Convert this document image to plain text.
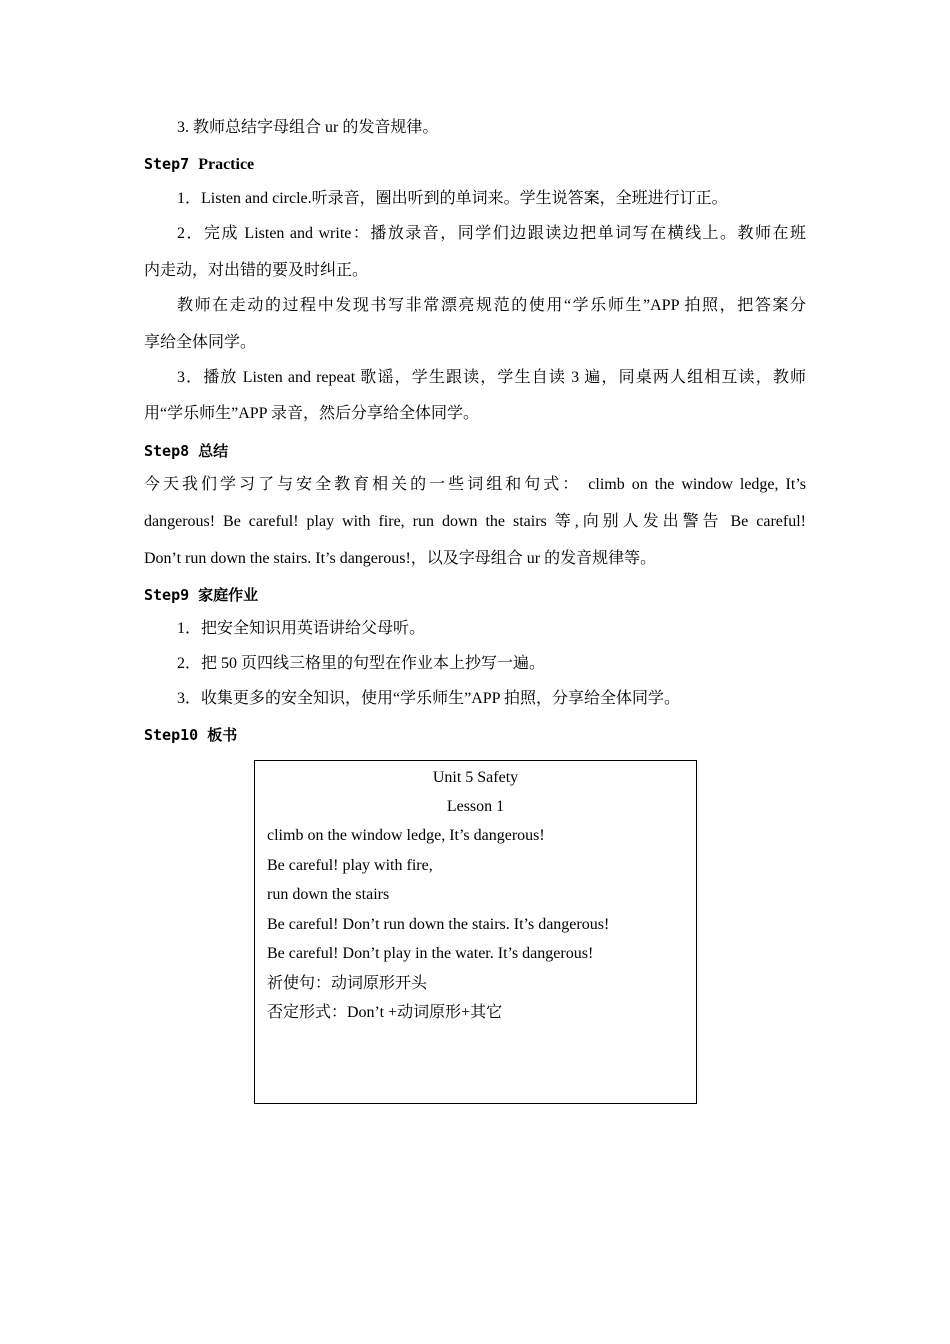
3. 教师总结字母组合 ur 的发音规律。
Step7 Practice
1．Listen and circle.听录音，圈出听到的单词来。学生说答案，全班进行订正。
2．完成 Listen and write：播放录音，同学们边跟读边把单词写在横线上。教师在班
内走动，对出错的要及时纠正。
教师在走动的过程中发现书写非常漂亮规范的使用“学乐师生”APP 拍照，把答案分
享给全体同学。
3．播放 Listen and repeat 歌谣，学生跟读，学生自读 3 遍，同桌两人组相互读，教师
用“学乐师生”APP 录音，然后分享给全体同学。
Step8 总结
今天我们学习了与安全教育相关的一些词组和句式： climb on the window ledge, It’s
dangerous! Be careful! play with fire, run down the stairs 等,向别人发出警告 Be careful!
Don’t run down the stairs. It’s dangerous!，以及字母组合 ur 的发音规律等。
Step9 家庭作业
1．把安全知识用英语讲给父母听。
2．把 50 页四线三格里的句型在作业本上抄写一遍。
3．收集更多的安全知识，使用“学乐师生”APP 拍照，分享给全体同学。
Step10 板书
Unit 5 Safety
Lesson 1
climb on the window ledge, It’s dangerous!
Be careful! play with fire,
run down the stairs
Be careful! Don’t run down the stairs. It’s dangerous!
Be careful! Don’t play in the water. It’s dangerous!
祈使句：动词原形开头
否定形式：Don’t +动词原形+其它
